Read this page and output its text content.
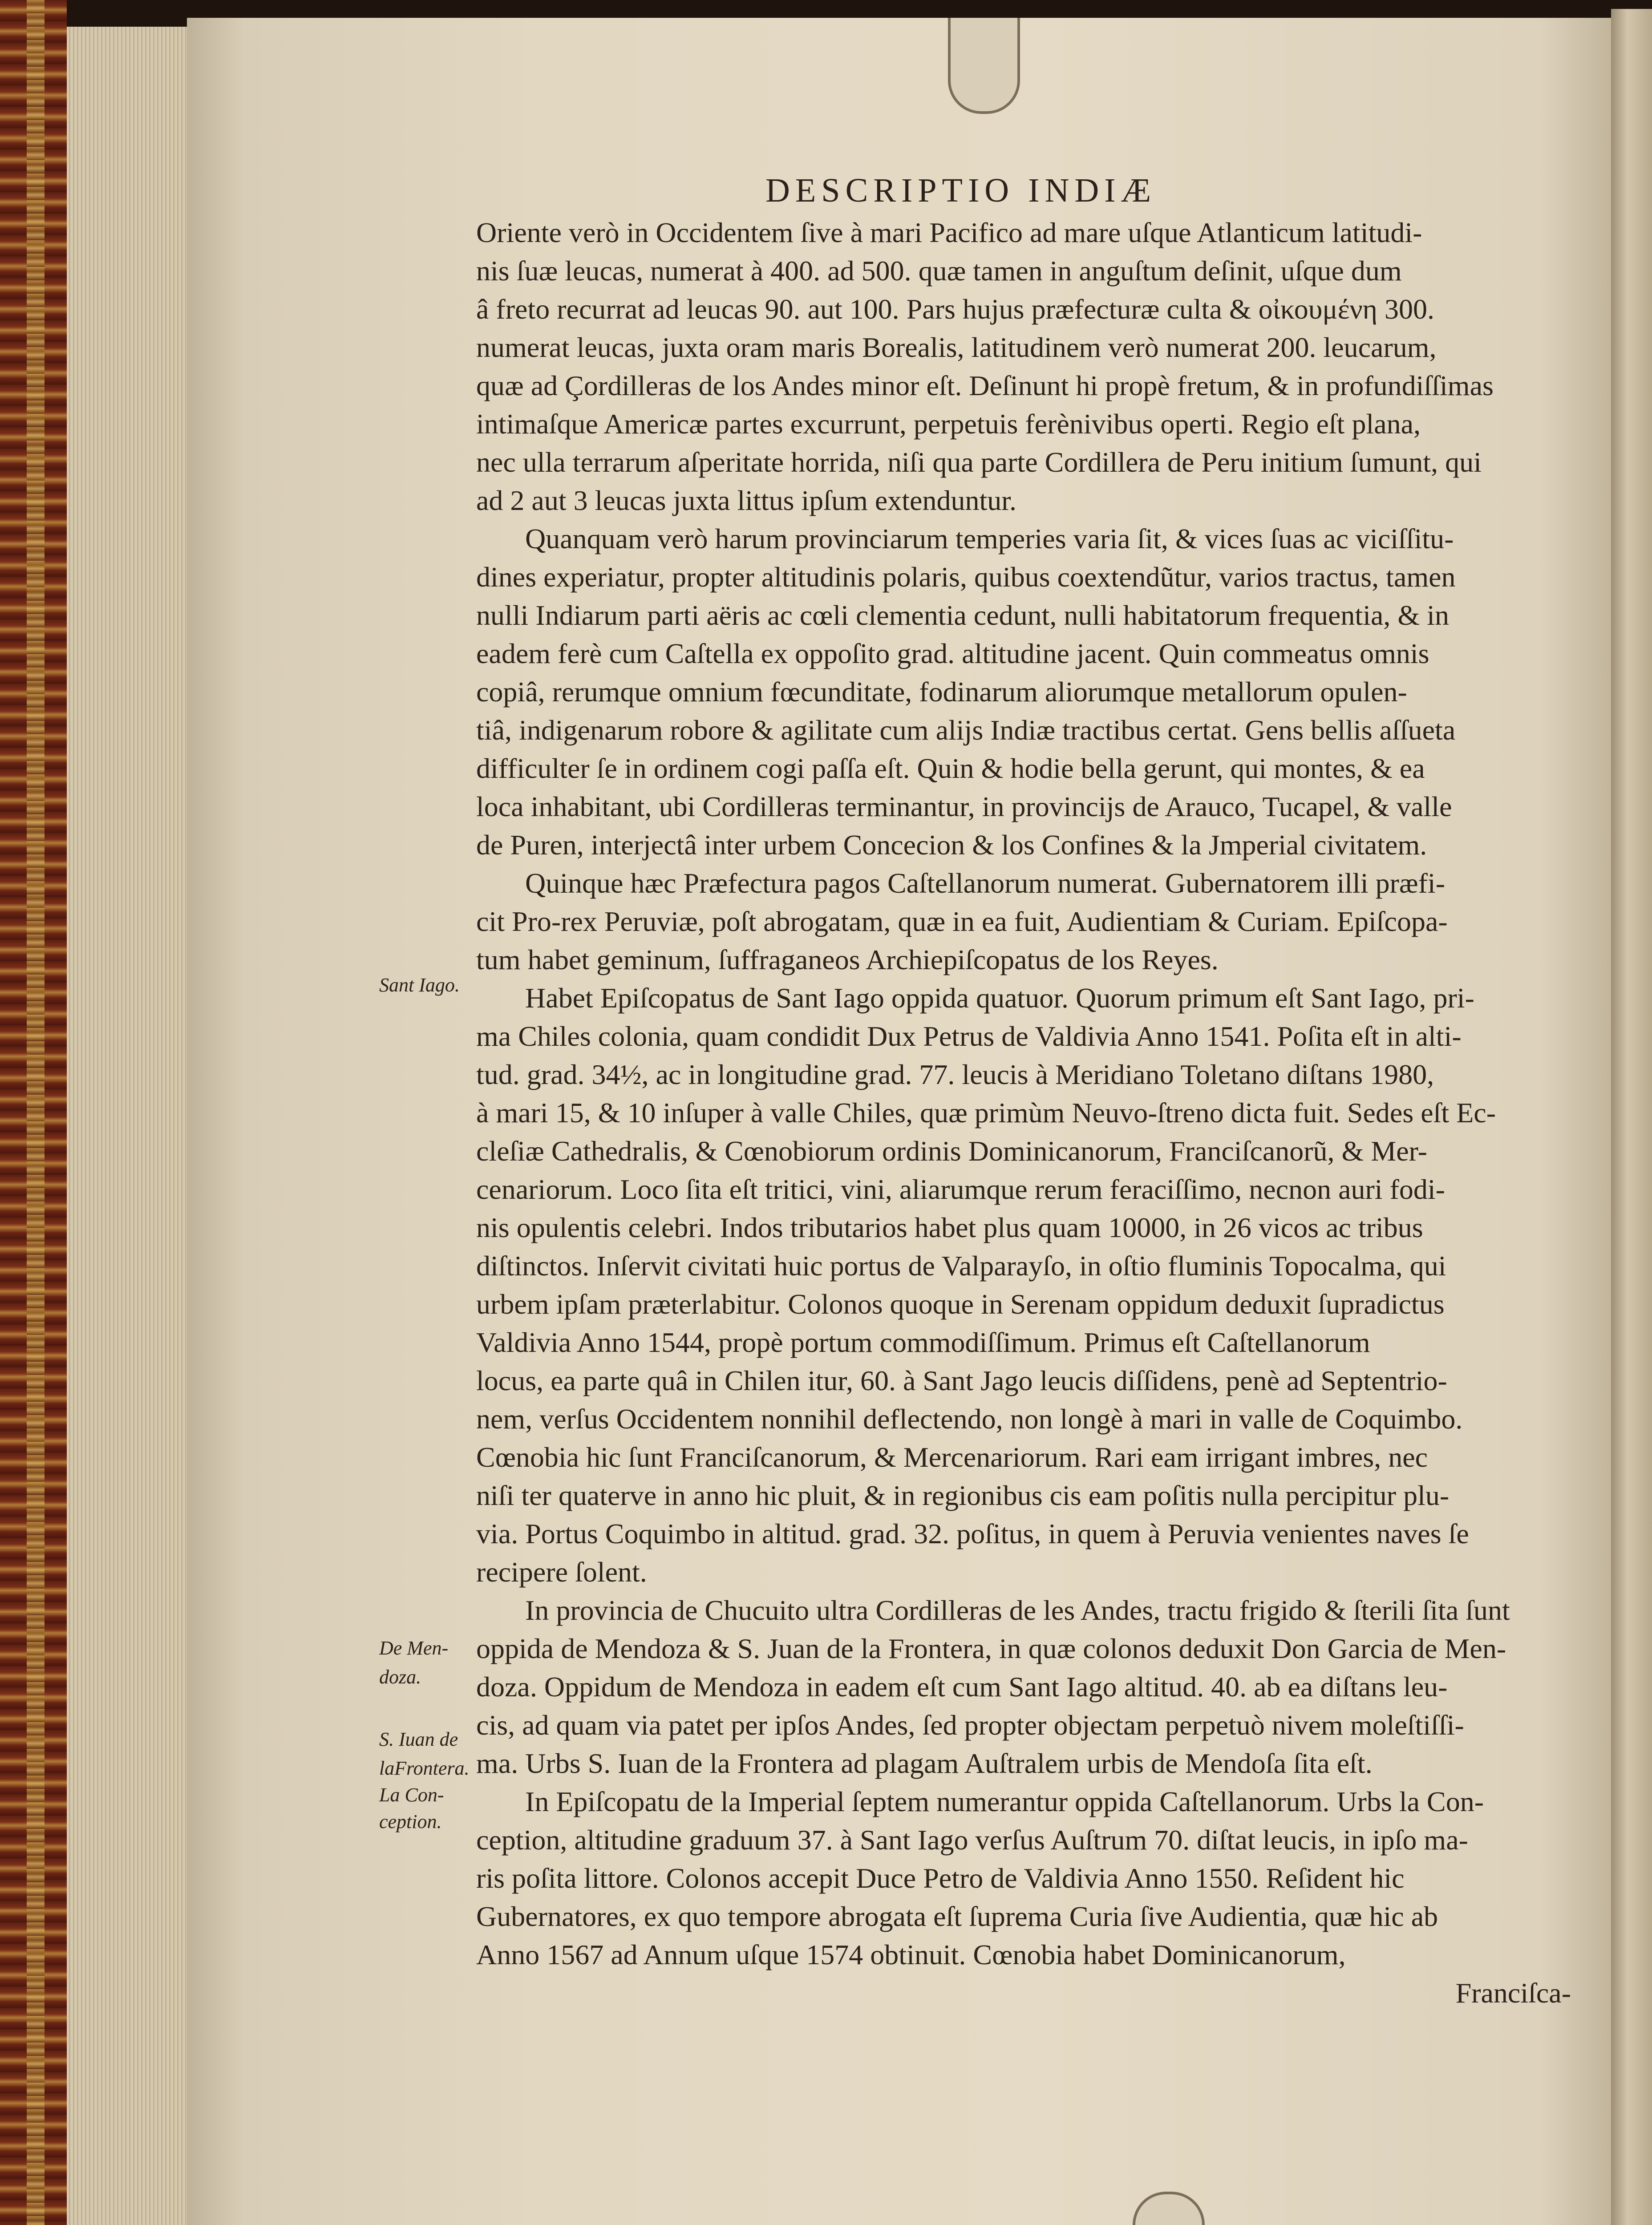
DESCRIPTIO INDIÆ
Sant Iago.
De Men-
doza.
S. Iuan de
laFrontera.
La Con-
ception.
Oriente verò in Occidentem ſive à mari Pacifico ad mare uſque Atlanticum latitudi-
nis ſuæ leucas, numerat à 400. ad 500. quæ tamen in anguſtum deſinit, uſque dum
â freto recurrat ad leucas 90. aut 100. Pars hujus præfecturæ culta & οἰκουμένη 300.
numerat leucas, juxta oram maris Borealis, latitudinem verò numerat 200. leucarum,
quæ ad Çordilleras de los Andes minor eſt. Deſinunt hi propè fretum, & in profundiſſimas
intimaſque Americæ partes excurrunt, perpetuis ferènivibus operti. Regio eſt plana,
nec ulla terrarum aſperitate horrida, niſi qua parte Cordillera de Peru initium ſumunt, qui
ad 2 aut 3 leucas juxta littus ipſum extenduntur.
Quanquam verò harum provinciarum temperies varia ſit, & vices ſuas ac viciſſitu-
dines experiatur, propter altitudinis polaris, quibus coextendũtur, varios tractus, tamen
nulli Indiarum parti aëris ac cœli clementia cedunt, nulli habitatorum frequentia, & in
eadem ferè cum Caſtella ex oppoſito grad. altitudine jacent. Quin commeatus omnis
copiâ, rerumque omnium fœcunditate, fodinarum aliorumque metallorum opulen-
tiâ, indigenarum robore & agilitate cum alijs Indiæ tractibus certat. Gens bellis aſſueta
difficulter ſe in ordinem cogi paſſa eſt. Quin & hodie bella gerunt, qui montes, & ea
loca inhabitant, ubi Cordilleras terminantur, in provincijs de Arauco, Tucapel, & valle
de Puren, interjectâ inter urbem Concecion & los Confines & la Jmperial civitatem.
Quinque hæc Præfectura pagos Caſtellanorum numerat. Gubernatorem illi præfi-
cit Pro-rex Peruviæ, poſt abrogatam, quæ in ea fuit, Audientiam & Curiam. Epiſcopa-
tum habet geminum, ſuffraganeos Archiepiſcopatus de los Reyes.
Habet Epiſcopatus de Sant Iago oppida quatuor. Quorum primum eſt Sant Iago, pri-
ma Chiles colonia, quam condidit Dux Petrus de Valdivia Anno 1541. Poſita eſt in alti-
tud. grad. 34½, ac in longitudine grad. 77. leucis à Meridiano Toletano diſtans 1980,
à mari 15, & 10 inſuper à valle Chiles, quæ primùm Neuvo-ſtreno dicta fuit. Sedes eſt Ec-
cleſiæ Cathedralis, & Cœnobiorum ordinis Dominicanorum, Franciſcanorũ, & Mer-
cenariorum. Loco ſita eſt tritici, vini, aliarumque rerum feraciſſimo, necnon auri fodi-
nis opulentis celebri. Indos tributarios habet plus quam 10000, in 26 vicos ac tribus
diſtinctos. Inſervit civitati huic portus de Valparayſo, in oſtio fluminis Topocalma, qui
urbem ipſam præterlabitur. Colonos quoque in Serenam oppidum deduxit ſupradictus
Valdivia Anno 1544, propè portum commodiſſimum. Primus eſt Caſtellanorum
locus, ea parte quâ in Chilen itur, 60. à Sant Jago leucis diſſidens, penè ad Septentrio-
nem, verſus Occidentem nonnihil deflectendo, non longè à mari in valle de Coquimbo.
Cœnobia hic ſunt Franciſcanorum, & Mercenariorum. Rari eam irrigant imbres, nec
niſi ter quaterve in anno hic pluit, & in regionibus cis eam poſitis nulla percipitur plu-
via. Portus Coquimbo in altitud. grad. 32. poſitus, in quem à Peruvia venientes naves ſe
recipere ſolent.
In provincia de Chucuito ultra Cordilleras de les Andes, tractu frigido & ſterili ſita ſunt
oppida de Mendoza & S. Juan de la Frontera, in quæ colonos deduxit Don Garcia de Men-
doza. Oppidum de Mendoza in eadem eſt cum Sant Iago altitud. 40. ab ea diſtans leu-
cis, ad quam via patet per ipſos Andes, ſed propter objectam perpetuò nivem moleſtiſſi-
ma. Urbs S. Iuan de la Frontera ad plagam Auſtralem urbis de Mendoſa ſita eſt.
In Epiſcopatu de la Imperial ſeptem numerantur oppida Caſtellanorum. Urbs la Con-
ception, altitudine graduum 37. à Sant Iago verſus Auſtrum 70. diſtat leucis, in ipſo ma-
ris poſita littore. Colonos accepit Duce Petro de Valdivia Anno 1550. Reſident hic
Gubernatores, ex quo tempore abrogata eſt ſuprema Curia ſive Audientia, quæ hic ab
Anno 1567 ad Annum uſque 1574 obtinuit. Cœnobia habet Dominicanorum,
Franciſca-
